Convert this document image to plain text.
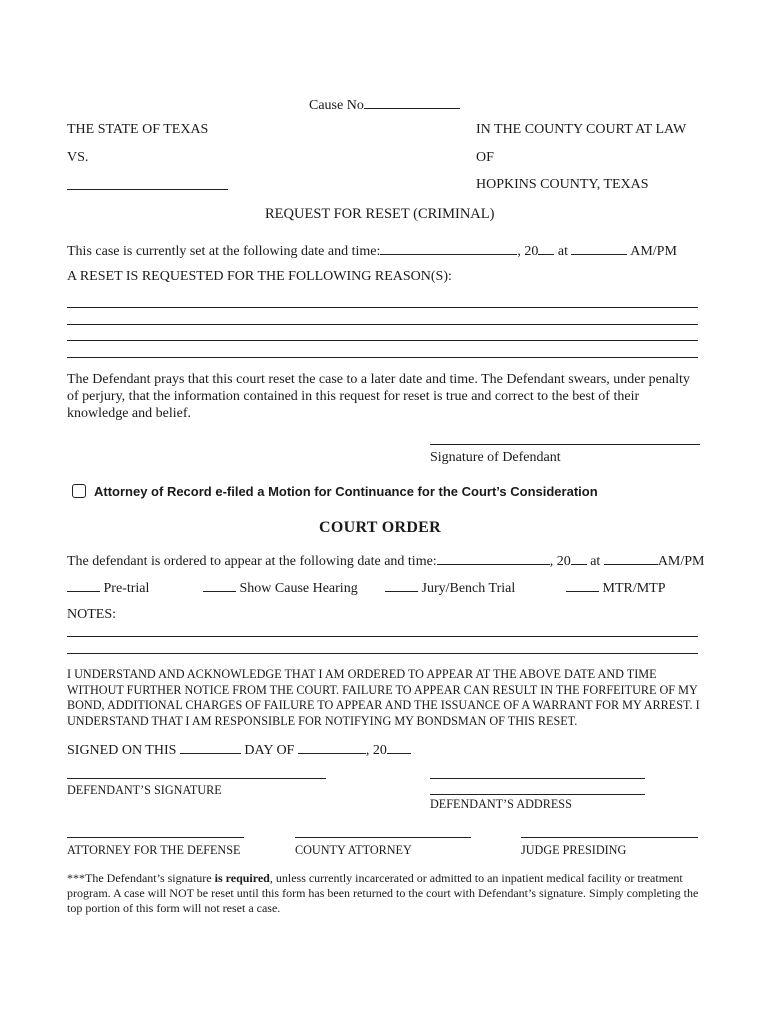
Cause No
THE STATE OF TEXAS
VS.
IN THE COUNTY COURT AT LAW
OF
HOPKINS COUNTY, TEXAS
REQUEST FOR RESET (CRIMINAL)
This case is currently set at the following date and time:	, 20 at	AM/PM
A RESET IS REQUESTED FOR THE FOLLOWING REASON(S):
The Defendant prays that this court reset the case to a later date and time. The Defendant swears, under penalty of perjury, that the information contained in this request for reset is true and correct to the best of their knowledge and belief.
Signature of Defendant
Attorney of Record e-filed a Motion for Continuance for the Court’s Consideration
COURT ORDER
The defendant is ordered to appear at the following date and time:	, 20 at	AM/PM
Pre-trial	Show Cause Hearing	Jury/Bench Trial	MTR/MTP
NOTES:
I UNDERSTAND AND ACKNOWLEDGE THAT I AM ORDERED TO APPEAR AT THE ABOVE DATE AND TIME WITHOUT FURTHER NOTICE FROM THE COURT. FAILURE TO APPEAR CAN RESULT IN THE FORFEITURE OF MY BOND, ADDITIONAL CHARGES OF FAILURE TO APPEAR AND THE ISSUANCE OF A WARRANT FOR MY ARREST. I UNDERSTAND THAT I AM RESPONSIBLE FOR NOTIFYING MY BONDSMAN OF THIS RESET.
SIGNED ON THIS	DAY OF	, 20
DEFENDANT’S SIGNATURE
DEFENDANT’S ADDRESS
ATTORNEY FOR THE DEFENSE	COUNTY ATTORNEY	JUDGE PRESIDING
***The Defendant’s signature is required, unless currently incarcerated or admitted to an inpatient medical facility or treatment program. A case will NOT be reset until this form has been returned to the court with Defendant’s signature. Simply completing the top portion of this form will not reset a case.
